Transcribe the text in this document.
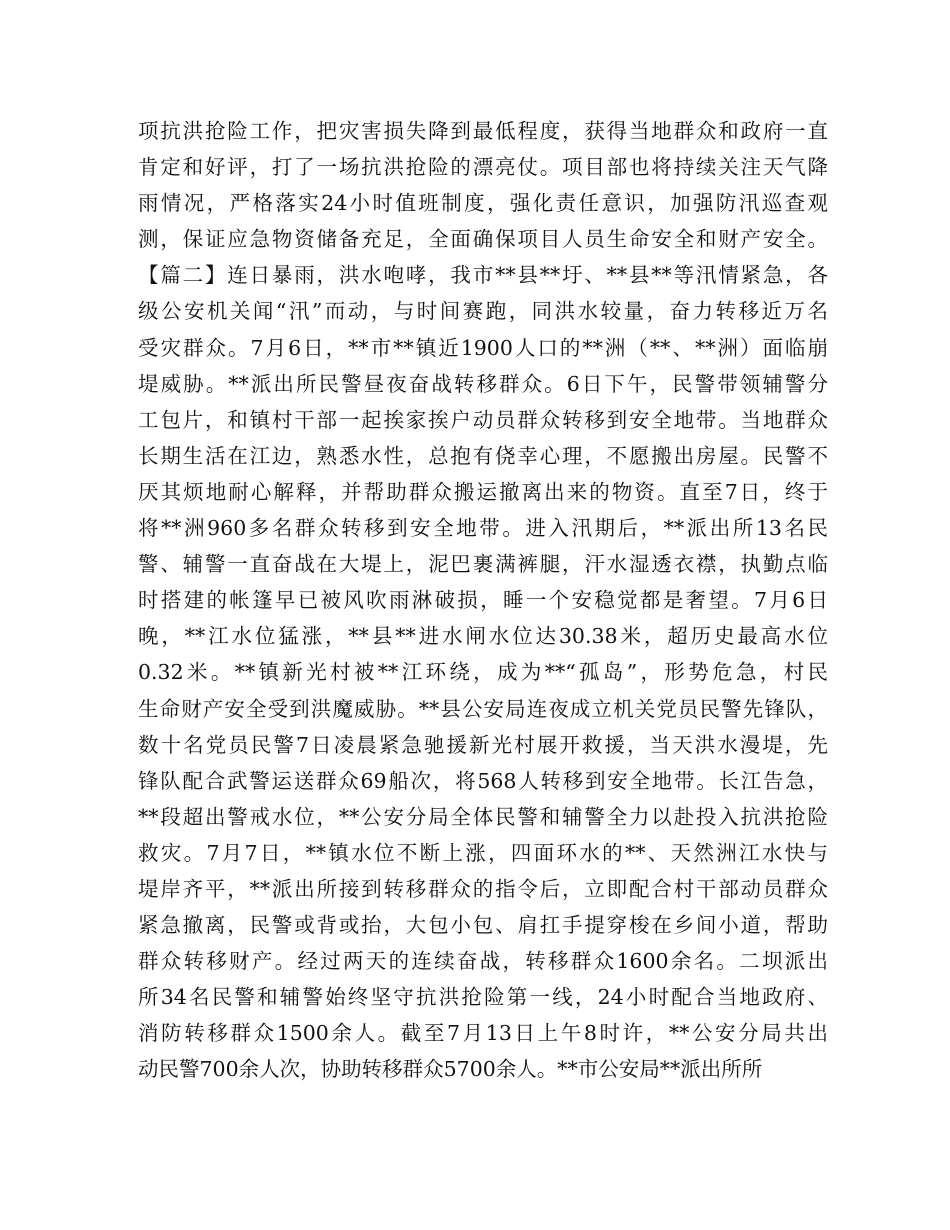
项抗洪抢险工作，把灾害损失降到最低程度，获得当地群众和政府一直
肯定和好评，打了一场抗洪抢险的漂亮仗。项目部也将持续关注天气降
雨情况，严格落实24小时值班制度，强化责任意识，加强防汛巡查观
测，保证应急物资储备充足，全面确保项目人员生命安全和财产安全。
【篇二】连日暴雨，洪水咆哮，我市**县**圩、**县**等汛情紧急，各
级公安机关闻“汛”而动，与时间赛跑，同洪水较量，奋力转移近万名
受灾群众。7月6日，**市**镇近1900人口的**洲（**、**洲）面临崩
堤威胁。**派出所民警昼夜奋战转移群众。6日下午，民警带领辅警分
工包片，和镇村干部一起挨家挨户动员群众转移到安全地带。当地群众
长期生活在江边，熟悉水性，总抱有侥幸心理，不愿搬出房屋。民警不
厌其烦地耐心解释，并帮助群众搬运撤离出来的物资。直至7日，终于
将**洲960多名群众转移到安全地带。进入汛期后，**派出所13名民
警、辅警一直奋战在大堤上，泥巴裹满裤腿，汗水湿透衣襟，执勤点临
时搭建的帐篷早已被风吹雨淋破损，睡一个安稳觉都是奢望。7月6日
晚，**江水位猛涨，**县**进水闸水位达30.38米，超历史最高水位
0.32米。**镇新光村被**江环绕，成为**“孤岛”，形势危急，村民
生命财产安全受到洪魔威胁。**县公安局连夜成立机关党员民警先锋队，
数十名党员民警7日凌晨紧急驰援新光村展开救援，当天洪水漫堤，先
锋队配合武警运送群众69船次，将568人转移到安全地带。长江告急，
**段超出警戒水位，**公安分局全体民警和辅警全力以赴投入抗洪抢险
救灾。7月7日，**镇水位不断上涨，四面环水的**、天然洲江水快与
堤岸齐平，**派出所接到转移群众的指令后，立即配合村干部动员群众
紧急撤离，民警或背或抬，大包小包、肩扛手提穿梭在乡间小道，帮助
群众转移财产。经过两天的连续奋战，转移群众1600余名。二坝派出
所34名民警和辅警始终坚守抗洪抢险第一线，24小时配合当地政府、
消防转移群众1500余人。截至7月13日上午8时许，**公安分局共出
动民警700余人次，协助转移群众5700余人。**市公安局**派出所所
